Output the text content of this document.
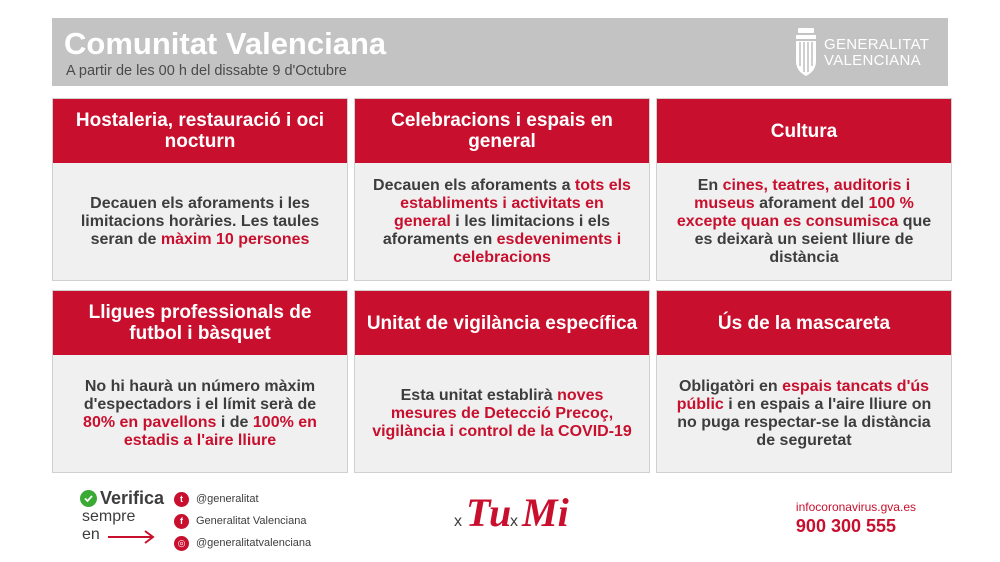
Comunitat Valenciana
A partir de les 00 h del dissabte 9 d'Octubre
GENERALITAT
VALENCIANA
Hostaleria, restauració i oci nocturn
Decauen els aforaments i les limitacions horàries. Les taules seran de màxim 10 persones
Celebracions i espais en general
Decauen els aforaments a tots els establiments i activitats en general i les limitacions i els aforaments en esdeveniments i celebracions
Cultura
En cines, teatres, auditoris i museus aforament del 100 % excepte quan es consumisca que es deixarà un seient lliure de distància
Lligues professionals de futbol i bàsquet
No hi haurà un número màxim d'espectadors i el límit serà de 80% en pavellons i de 100% en estadis a l'aire lliure
Unitat de vigilància específica
Esta unitat establirà noves mesures de Detecció Precoç, vigilància i control de la COVID-19
Ús de la mascareta
Obligatòri en espais tancats d'ús públic i en espais a l'aire lliure on no puga respectar-se la distància de seguretat
Verifica
sempre
en
t	@generalitat
f	Generalitat Valenciana
◎ @generalitatvalenciana
x Tu
x Mi	infocoronavirus.gva.es
900 300 555
